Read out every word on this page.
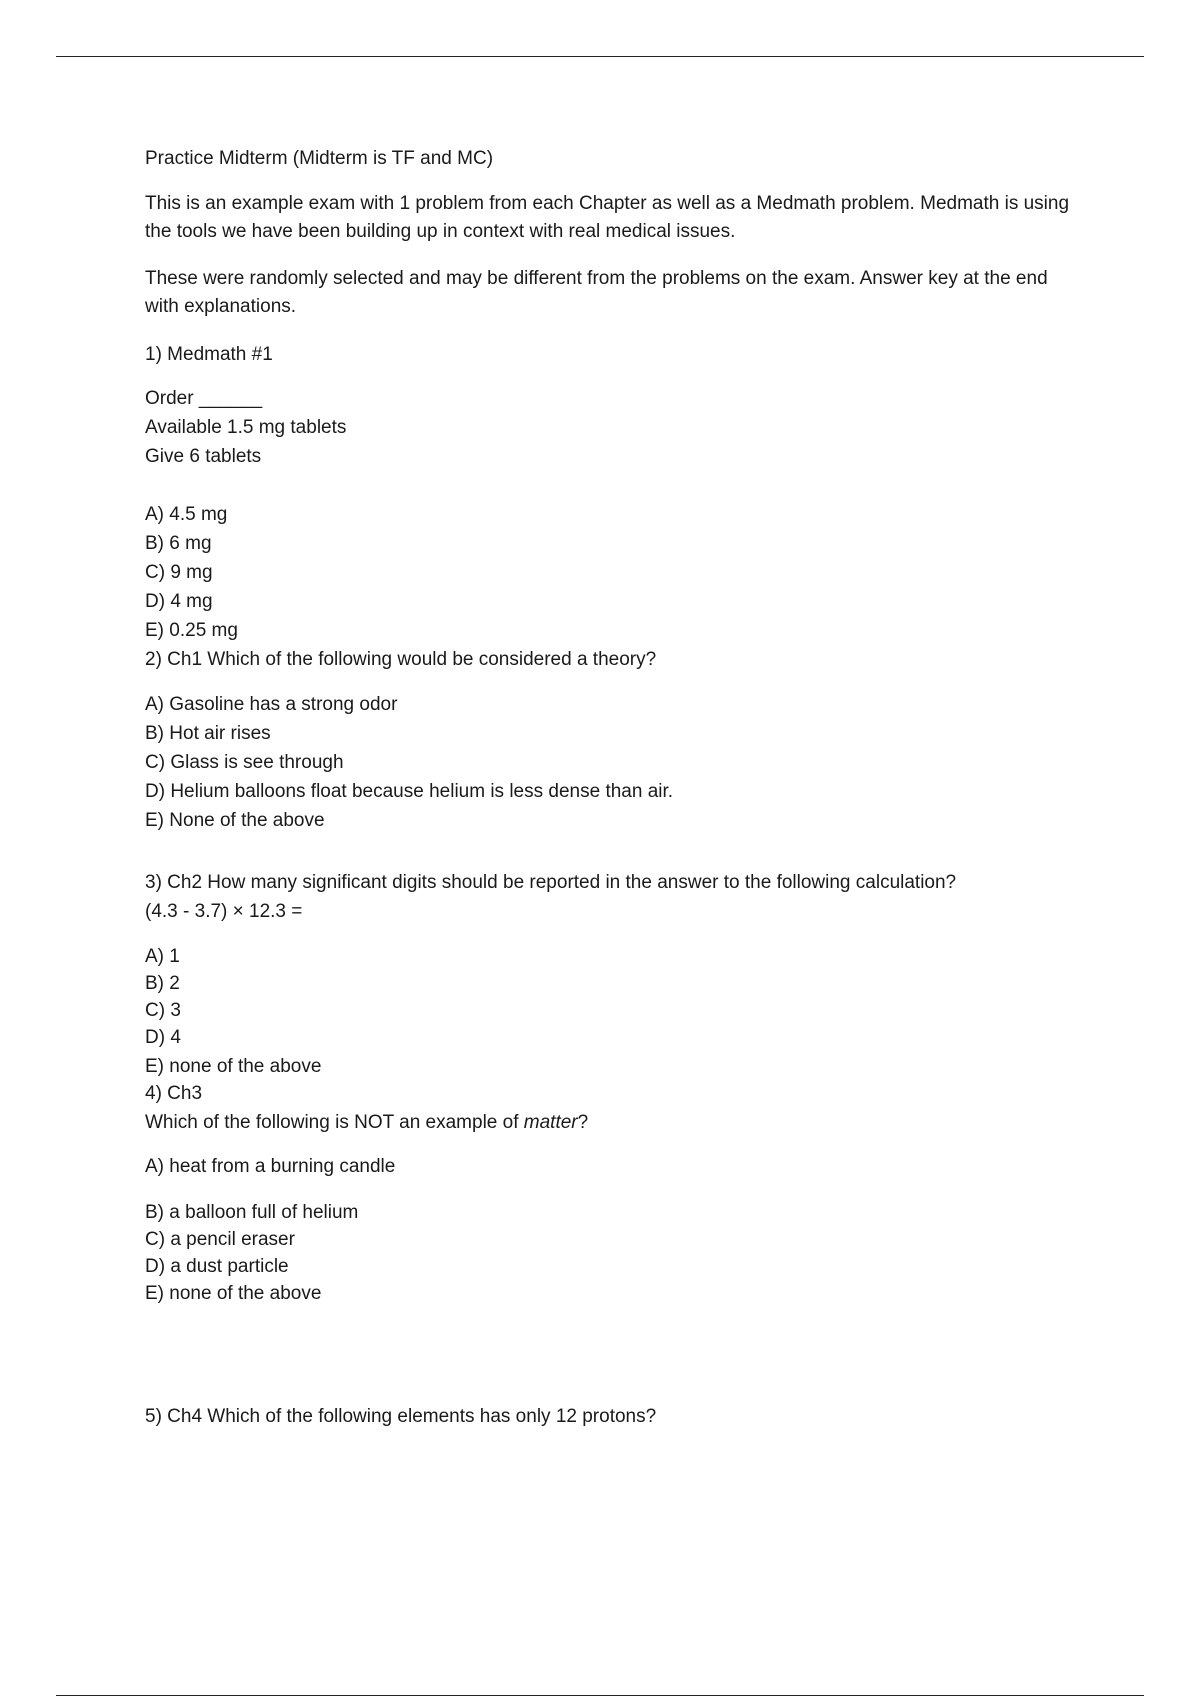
Practice Midterm (Midterm is TF and MC)
This is an example exam with 1 problem from each Chapter as well as a Medmath problem. Medmath is using the tools we have been building up in context with real medical issues.
These were randomly selected and may be different from the problems on the exam. Answer key at the end with explanations.
1) Medmath #1
Order ______
Available 1.5 mg tablets
Give 6 tablets
A) 4.5 mg
B) 6 mg
C) 9 mg
D) 4 mg
E) 0.25 mg
2) Ch1 Which of the following would be considered a theory?
A) Gasoline has a strong odor
B) Hot air rises
C) Glass is see through
D) Helium balloons float because helium is less dense than air.
E) None of the above
3) Ch2 How many significant digits should be reported in the answer to the following calculation?
(4.3 - 3.7) × 12.3 =
A) 1
B) 2
C) 3
D) 4
E) none of the above
4) Ch3
Which of the following is NOT an example of matter?
A) heat from a burning candle
B) a balloon full of helium
C) a pencil eraser
D) a dust particle
E) none of the above
5) Ch4 Which of the following elements has only 12 protons?
